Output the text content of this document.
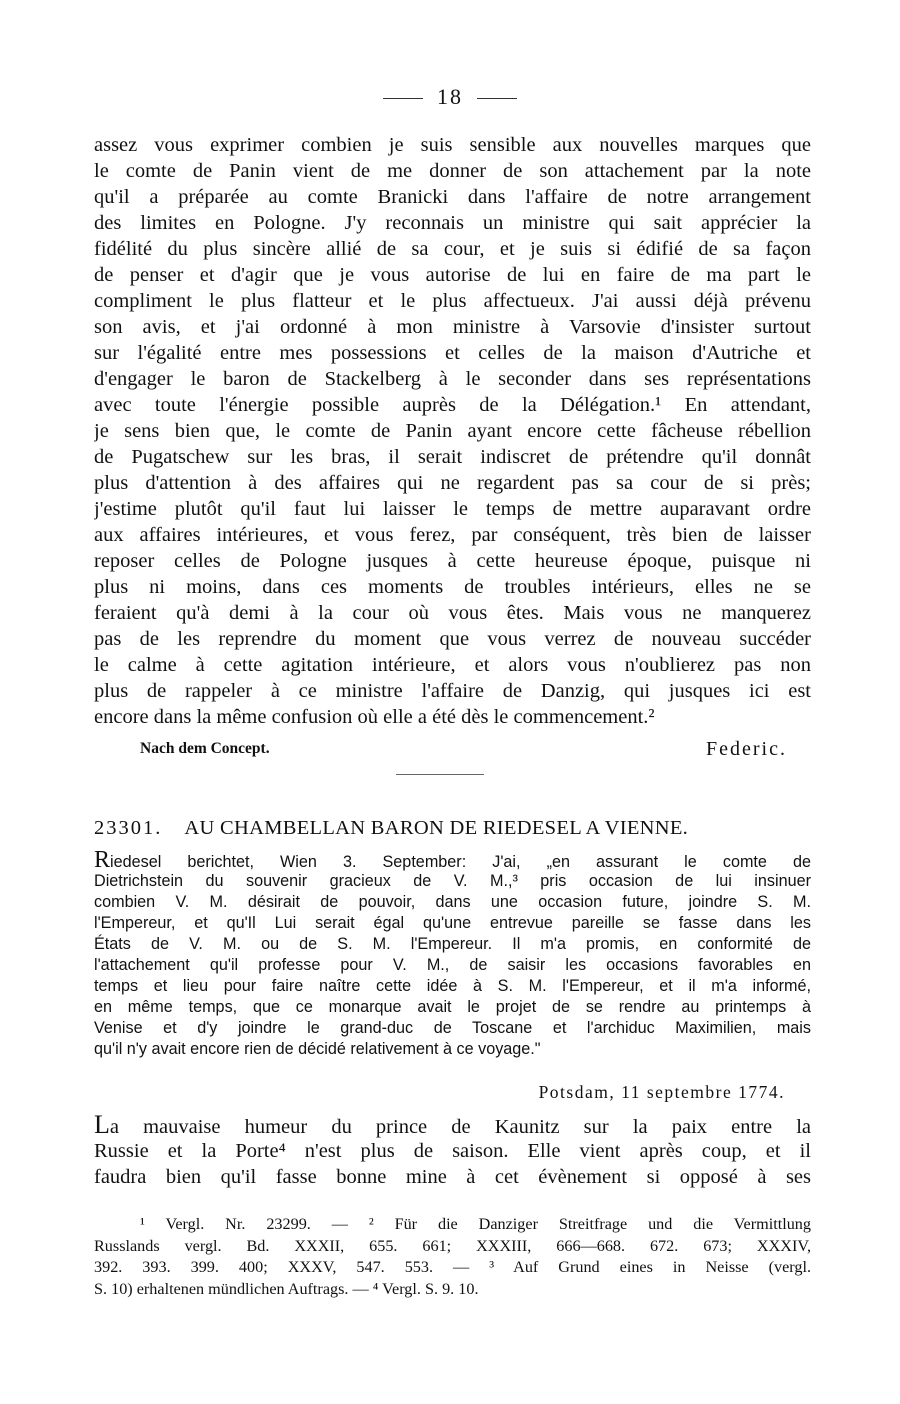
18
assez vous exprimer combien je suis sensible aux nouvelles marques que
le comte de Panin vient de me donner de son attachement par la note
qu'il a préparée au comte Branicki dans l'affaire de notre arrangement
des limites en Pologne. J'y reconnais un ministre qui sait apprécier la
fidélité du plus sincère allié de sa cour, et je suis si édifié de sa façon
de penser et d'agir que je vous autorise de lui en faire de ma part le
compliment le plus flatteur et le plus affectueux. J'ai aussi déjà prévenu
son avis, et j'ai ordonné à mon ministre à Varsovie d'insister surtout
sur l'égalité entre mes possessions et celles de la maison d'Autriche et
d'engager le baron de Stackelberg à le seconder dans ses représentations
avec toute l'énergie possible auprès de la Délégation.¹ En attendant,
je sens bien que, le comte de Panin ayant encore cette fâcheuse rébellion
de Pugatschew sur les bras, il serait indiscret de prétendre qu'il donnât
plus d'attention à des affaires qui ne regardent pas sa cour de si près;
j'estime plutôt qu'il faut lui laisser le temps de mettre auparavant ordre
aux affaires intérieures, et vous ferez, par conséquent, très bien de laisser
reposer celles de Pologne jusques à cette heureuse époque, puisque ni
plus ni moins, dans ces moments de troubles intérieurs, elles ne se
feraient qu'à demi à la cour où vous êtes. Mais vous ne manquerez
pas de les reprendre du moment que vous verrez de nouveau succéder
le calme à cette agitation intérieure, et alors vous n'oublierez pas non
plus de rappeler à ce ministre l'affaire de Danzig, qui jusques ici est
encore dans la même confusion où elle a été dès le commencement.²
Nach dem Concept.	Federic.
23301. AU CHAMBELLAN BARON DE RIEDESEL A VIENNE.
Riedesel berichtet, Wien 3. September: J'ai, „en assurant le comte de
Dietrichstein du souvenir gracieux de V. M.,³ pris occasion de lui insinuer
combien V. M. désirait de pouvoir, dans une occasion future, joindre S. M.
l'Empereur, et qu'Il Lui serait égal qu'une entrevue pareille se fasse dans les
États de V. M. ou de S. M. l'Empereur. Il m'a promis, en conformité de
l'attachement qu'il professe pour V. M., de saisir les occasions favorables en
temps et lieu pour faire naître cette idée à S. M. l'Empereur, et il m'a informé,
en même temps, que ce monarque avait le projet de se rendre au printemps à
Venise et d'y joindre le grand-duc de Toscane et l'archiduc Maximilien, mais
qu'il n'y avait encore rien de décidé relativement à ce voyage."
Potsdam, 11 septembre 1774.
La mauvaise humeur du prince de Kaunitz sur la paix entre la
Russie et la Porte⁴ n'est plus de saison. Elle vient après coup, et il
faudra bien qu'il fasse bonne mine à cet évènement si opposé à ses
¹ Vergl. Nr. 23299. — ² Für die Danziger Streitfrage und die Vermittlung
Russlands vergl. Bd. XXXII, 655. 661; XXXIII, 666—668. 672. 673; XXXIV,
392. 393. 399. 400; XXXV, 547. 553. — ³ Auf Grund eines in Neisse (vergl.
S. 10) erhaltenen mündlichen Auftrags. — ⁴ Vergl. S. 9. 10.
